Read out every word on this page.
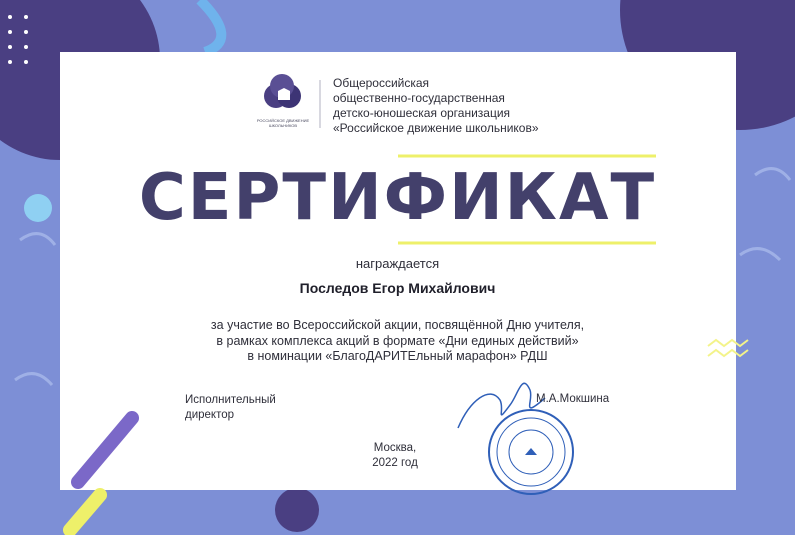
РОССИЙСКОЕ ДВИЖЕНИЕ ШКОЛЬНИКОВ
Общероссийская
общественно-государственная
детско-юношеская организация
«Российское движение школьников»
СЕРТИФИКАТ
награждается
Последов Егор Михайлович
за участие во Всероссийской акции, посвящённой Дню учителя,
в рамках комплекса акций в формате «Дни единых действий»
в номинации «БлагоДАРИТЕльный марафон» РДШ
Исполнительный
директор
М.А.Мокшина
Москва,
2022 год
